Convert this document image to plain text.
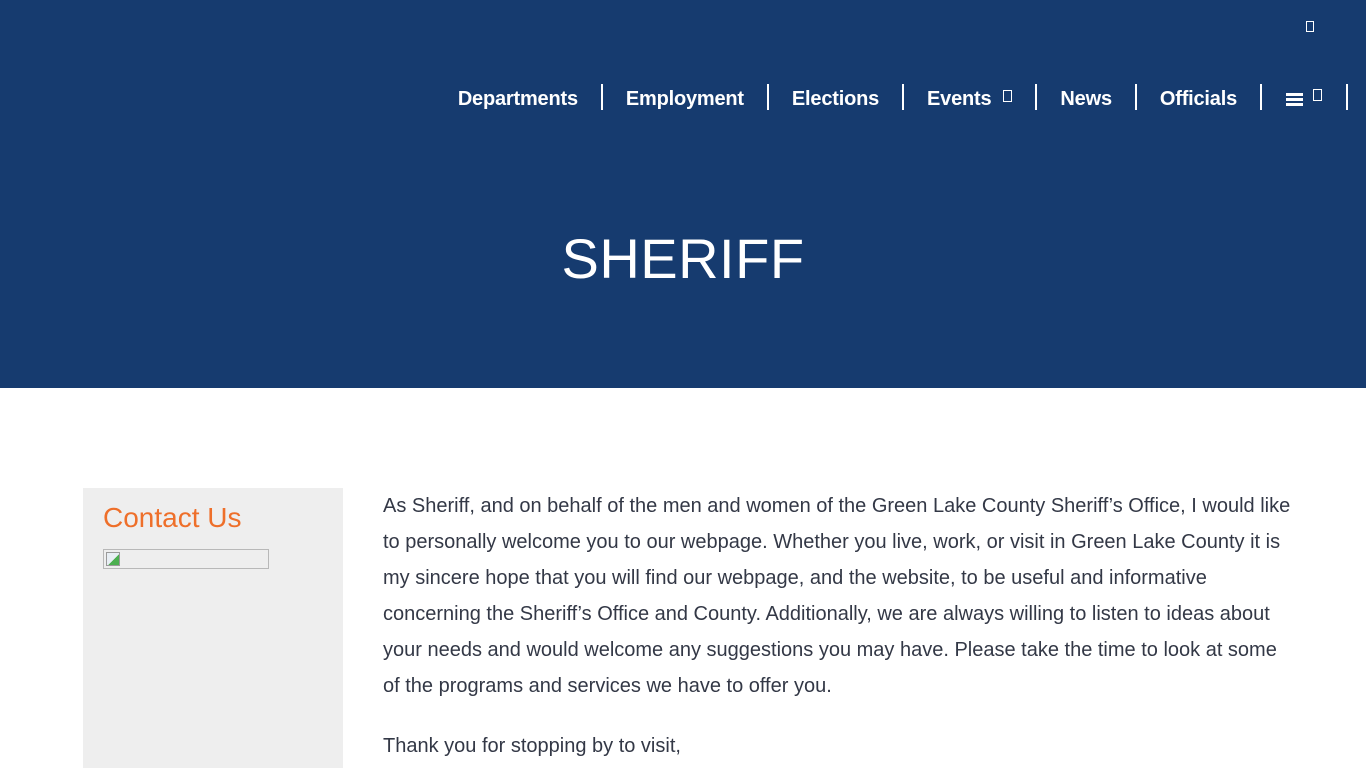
Departments Employment Elections Events	News Officials
SHERIFF
Contact Us	As Sheriff, and on behalf of the men and women of the Green Lake County Sheriff’s Office, I would like to personally welcome you to our webpage. Whether you live, work, or visit in Green Lake County it is my sincere hope that you will find our webpage, and the website, to be useful and informative concerning the Sheriff’s Office and County. Additionally, we are always willing to listen to ideas about your needs and would welcome any suggestions you may have. Please take the time to look at some of the programs and services we have to offer you.

Thank you for stopping by to visit,
